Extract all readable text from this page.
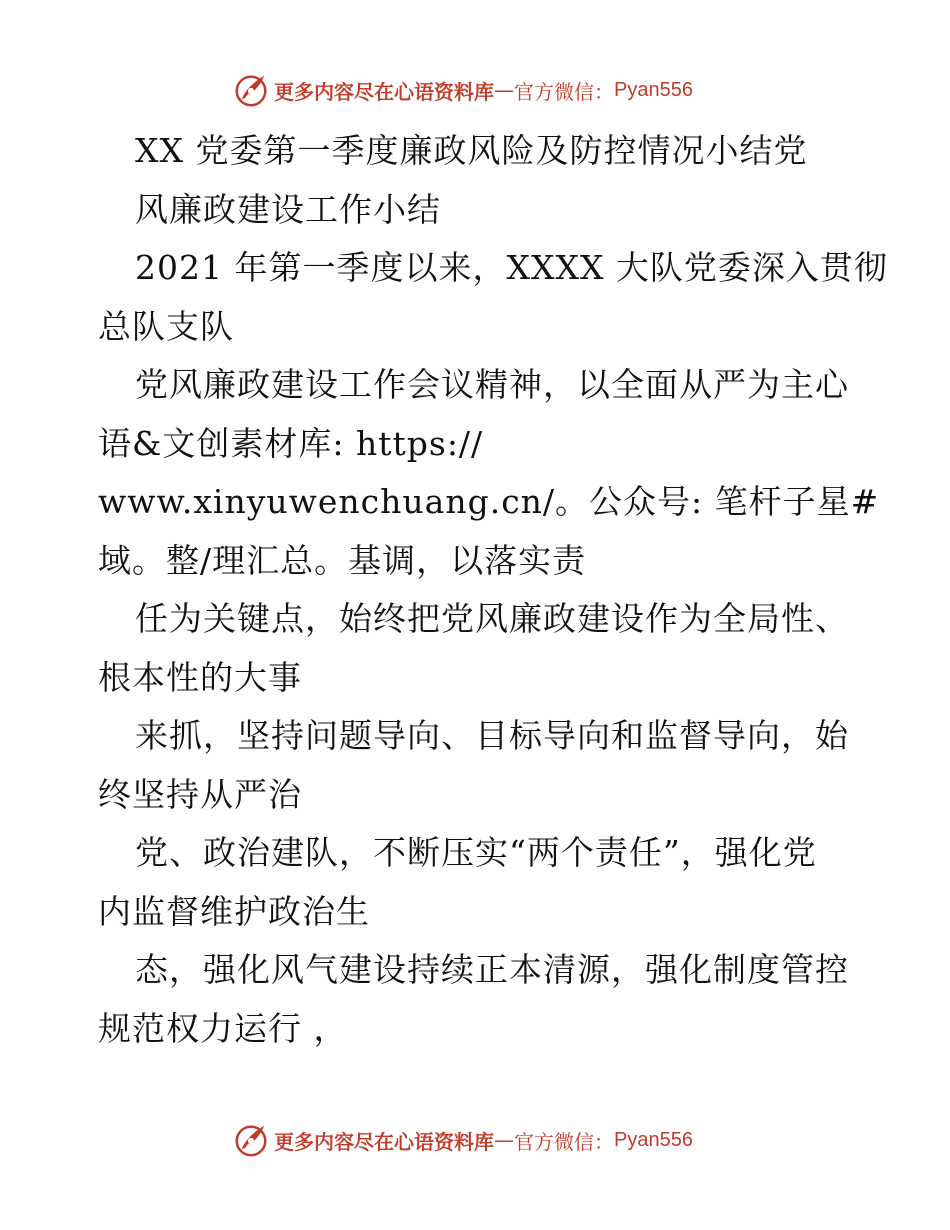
更多内容尽在心语资料库 — 官方微信： Pyan556
XX 党委第一季度廉政风险及防控情况小结党
风廉政建设工作小结
2021 年第一季度以来，XXXX 大队党委深入贯彻
总队支队
党风廉政建设工作会议精神，以全面从严为主心
语&文创素材库: https://
www.xinyuwenchuang.cn/。公众号: 笔杆子星#
域。整/理汇总。基调，以落实责
任为关键点，始终把党风廉政建设作为全局性、
根本性的大事
来抓，坚持问题导向、目标导向和监督导向，始
终坚持从严治
党、政治建队，不断压实“两个责任”，强化党
内监督维护政治生
态，强化风气建设持续正本清源，强化制度管控
规范权力运行 ，
更多内容尽在心语资料库 — 官方微信： Pyan556
